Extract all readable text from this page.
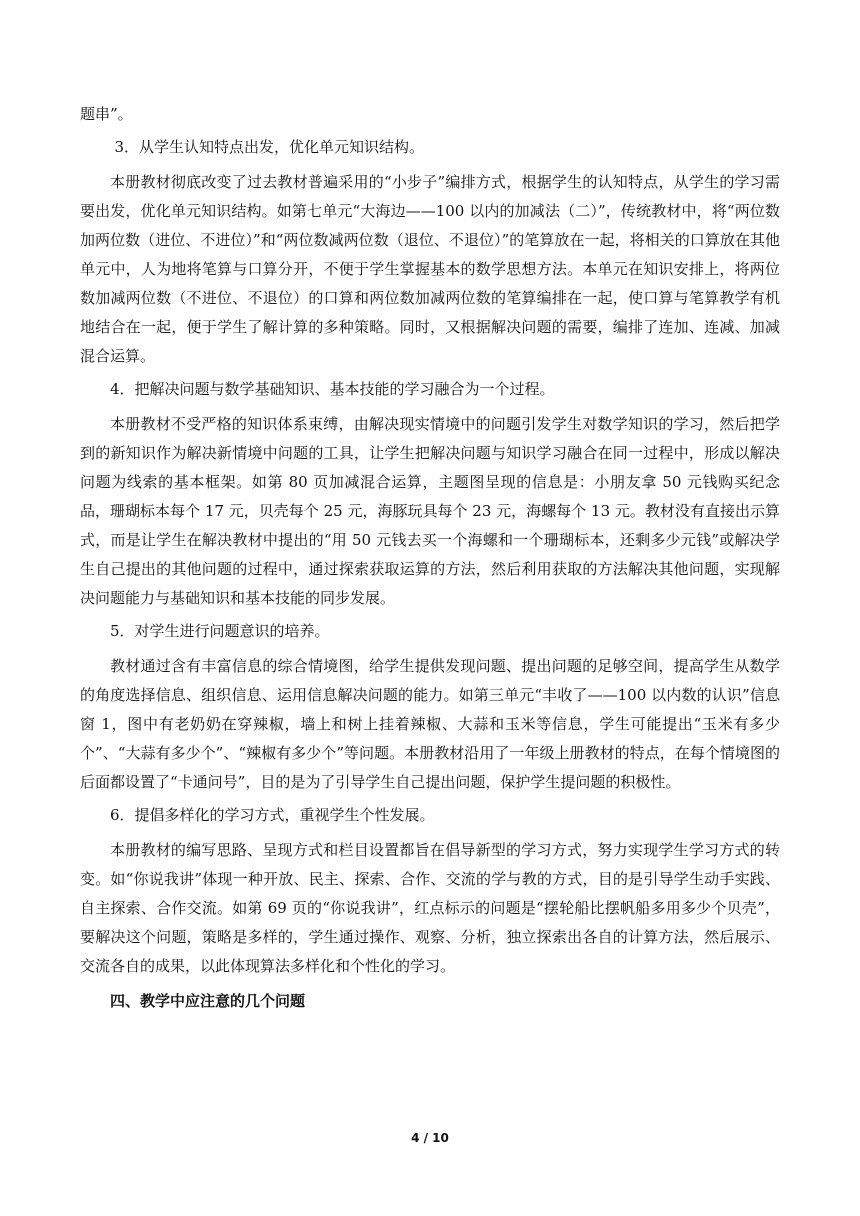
题串”。

3．从学生认知特点出发，优化单元知识结构。

本册教材彻底改变了过去教材普遍采用的“小步子”编排方式，根据学生的认知特点，从学生的学习需要出发，优化单元知识结构。如第七单元“大海边——100 以内的加减法（二）”，传统教材中，将“两位数加两位数（进位、不进位）”和“两位数减两位数（退位、不退位）”的笔算放在一起，将相关的口算放在其他单元中，人为地将笔算与口算分开，不便于学生掌握基本的数学思想方法。本单元在知识安排上，将两位数加减两位数（不进位、不退位）的口算和两位数加减两位数的笔算编排在一起，使口算与笔算教学有机地结合在一起，便于学生了解计算的多种策略。同时，又根据解决问题的需要，编排了连加、连减、加减混合运算。

4．把解决问题与数学基础知识、基本技能的学习融合为一个过程。

本册教材不受严格的知识体系束缚，由解决现实情境中的问题引发学生对数学知识的学习，然后把学到的新知识作为解决新情境中问题的工具，让学生把解决问题与知识学习融合在同一过程中，形成以解决问题为线索的基本框架。如第 80 页加减混合运算，主题图呈现的信息是：小朋友拿 50 元钱购买纪念品，珊瑚标本每个 17 元，贝壳每个 25 元，海豚玩具每个 23 元，海螺每个 13 元。教材没有直接出示算式，而是让学生在解决教材中提出的“用 50 元钱去买一个海螺和一个珊瑚标本，还剩多少元钱”或解决学生自己提出的其他问题的过程中，通过探索获取运算的方法，然后利用获取的方法解决其他问题，实现解决问题能力与基础知识和基本技能的同步发展。

5．对学生进行问题意识的培养。

教材通过含有丰富信息的综合情境图，给学生提供发现问题、提出问题的足够空间，提高学生从数学的角度选择信息、组织信息、运用信息解决问题的能力。如第三单元“丰收了——100 以内数的认识”信息窗 1，图中有老奶奶在穿辣椒，墙上和树上挂着辣椒、大蒜和玉米等信息，学生可能提出“玉米有多少个”、“大蒜有多少个”、“辣椒有多少个”等问题。本册教材沿用了一年级上册教材的特点，在每个情境图的后面都设置了“卡通问号”，目的是为了引导学生自己提出问题，保护学生提问题的积极性。

6．提倡多样化的学习方式，重视学生个性发展。

本册教材的编写思路、呈现方式和栏目设置都旨在倡导新型的学习方式，努力实现学生学习方式的转变。如“你说我讲”体现一种开放、民主、探索、合作、交流的学与教的方式，目的是引导学生动手实践、自主探索、合作交流。如第 69 页的“你说我讲”，红点标示的问题是“摆轮船比摆帆船多用多少个贝壳”，要解决这个问题，策略是多样的，学生通过操作、观察、分析，独立探索出各自的计算方法，然后展示、交流各自的成果，以此体现算法多样化和个性化的学习。

四、教学中应注意的几个问题

4 / 10
